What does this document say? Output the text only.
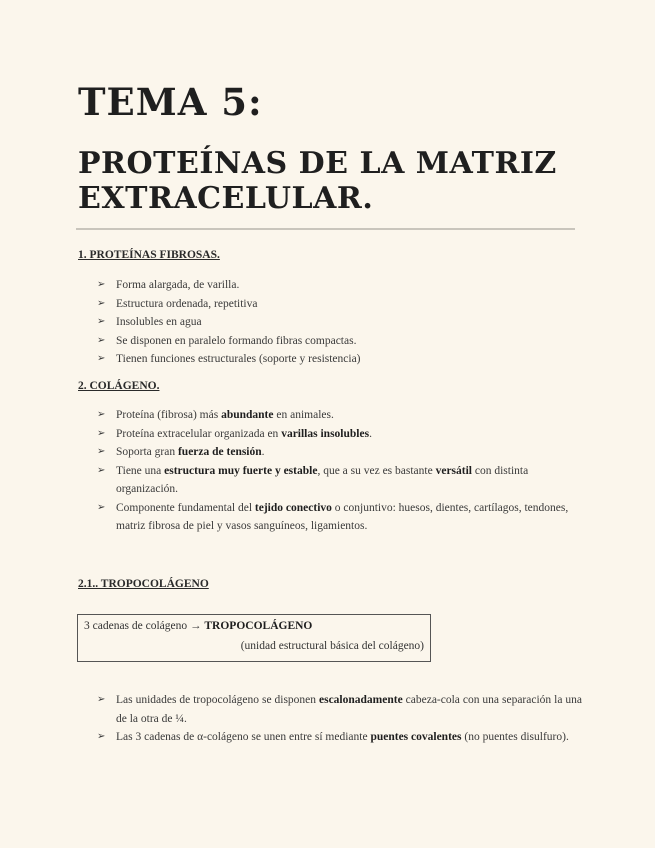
TEMA 5:
PROTEÍNAS DE LA MATRIZ EXTRACELULAR.

1. PROTEÍNAS FIBROSAS.

➢ Forma alargada, de varilla.
➢ Estructura ordenada, repetitiva
➢ Insolubles en agua
➢ Se disponen en paralelo formando fibras compactas.
➢ Tienen funciones estructurales (soporte y resistencia)

2. COLÁGENO.

➢ Proteína (fibrosa) más abundante en animales.
➢ Proteína extracelular organizada en varillas insolubles.
➢ Soporta gran fuerza de tensión.
➢ Tiene una estructura muy fuerte y estable, que a su vez es bastante versátil con distinta organización.
➢ Componente fundamental del tejido conectivo o conjuntivo: huesos, dientes, cartílagos, tendones, matriz fibrosa de piel y vasos sanguíneos, ligamientos.

2.1.. TROPOCOLÁGENO

3 cadenas de colágeno → TROPOCOLÁGENO
(unidad estructural básica del colágeno)
➢ Las unidades de tropocolágeno se disponen escalonadamente cabeza-cola con una separación la una de la otra de ¼.
➢ Las 3 cadenas de α-colágeno se unen entre sí mediante puentes covalentes (no puentes disulfuro).
